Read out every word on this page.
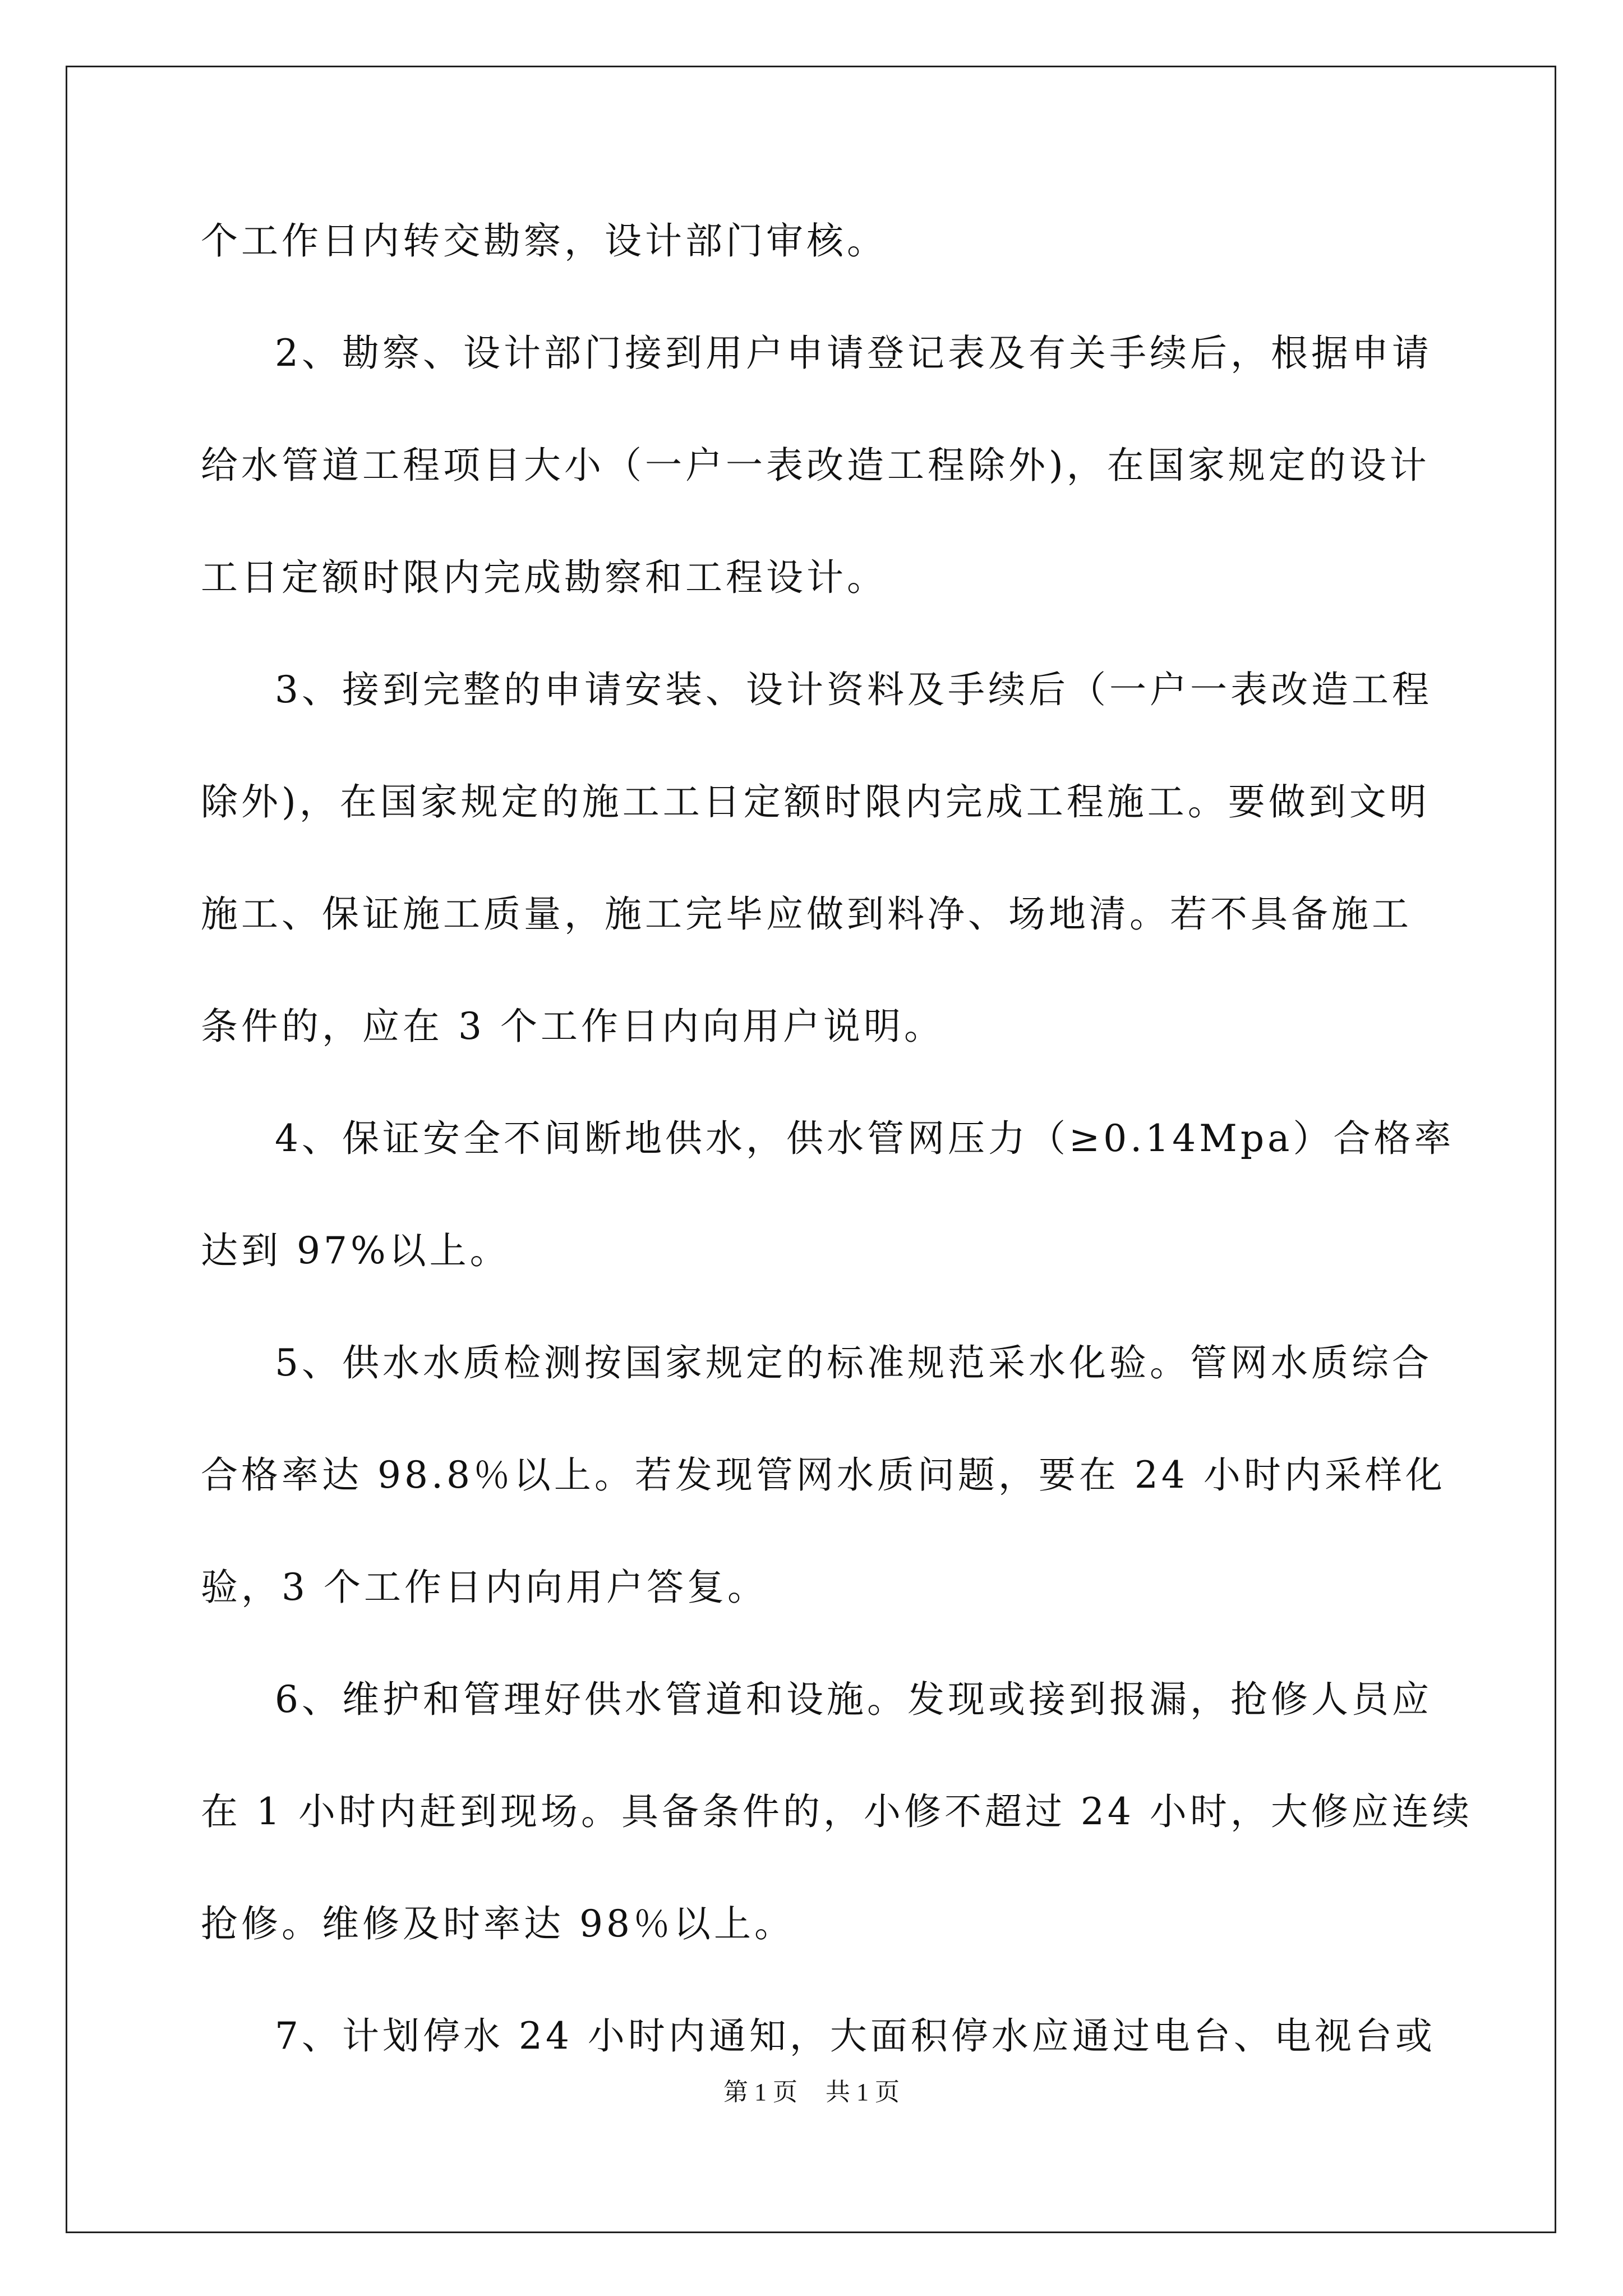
个工作日内转交勘察，设计部门审核。
2、勘察、设计部门接到用户申请登记表及有关手续后，根据申请
给水管道工程项目大小（一户一表改造工程除外)，在国家规定的设计
工日定额时限内完成勘察和工程设计。
3、接到完整的申请安装、设计资料及手续后（一户一表改造工程
除外)，在国家规定的施工工日定额时限内完成工程施工。要做到文明
施工、保证施工质量，施工完毕应做到料净、场地清。若不具备施工
条件的，应在 3 个工作日内向用户说明。
4、保证安全不间断地供水，供水管网压力（≥0.14Mpa）合格率
达到 97%以上。
5、供水水质检测按国家规定的标准规范采水化验。管网水质综合
合格率达 98.8％以上。若发现管网水质问题，要在 24 小时内采样化
验，3 个工作日内向用户答复。
6、维护和管理好供水管道和设施。发现或接到报漏，抢修人员应
在 1 小时内赶到现场。具备条件的，小修不超过 24 小时，大修应连续
抢修。维修及时率达 98％以上。
7、计划停水 24 小时内通知，大面积停水应通过电台、电视台或
第 1 页 共 1 页
